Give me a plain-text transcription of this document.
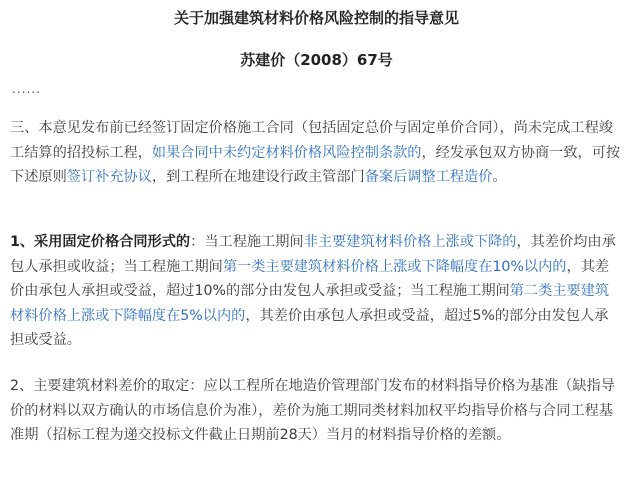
关于加强建筑材料价格风险控制的指导意见
苏建价（2008）67号
......
三、本意见发布前已经签订固定价格施工合同（包括固定总价与固定单价合同），尚未完成工程竣工结算的招投标工程，如果合同中未约定材料价格风险控制条款的，经发承包双方协商一致，可按下述原则签订补充协议，到工程所在地建设行政主管部门备案后调整工程造价。
1、采用固定价格合同形式的：当工程施工期间非主要建筑材料价格上涨或下降的，其差价均由承包人承担或收益；当工程施工期间第一类主要建筑材料价格上涨或下降幅度在10%以内的，其差价由承包人承担或受益，超过10%的部分由发包人承担或受益；当工程施工期间第二类主要建筑材料价格上涨或下降幅度在5%以内的，其差价由承包人承担或受益，超过5%的部分由发包人承担或受益。
2、主要建筑材料差价的取定：应以工程所在地造价管理部门发布的材料指导价格为基准（缺指导价的材料以双方确认的市场信息价为准），差价为施工期同类材料加权平均指导价格与合同工程基准期（招标工程为递交投标文件截止日期前28天）当月的材料指导价格的差额。
